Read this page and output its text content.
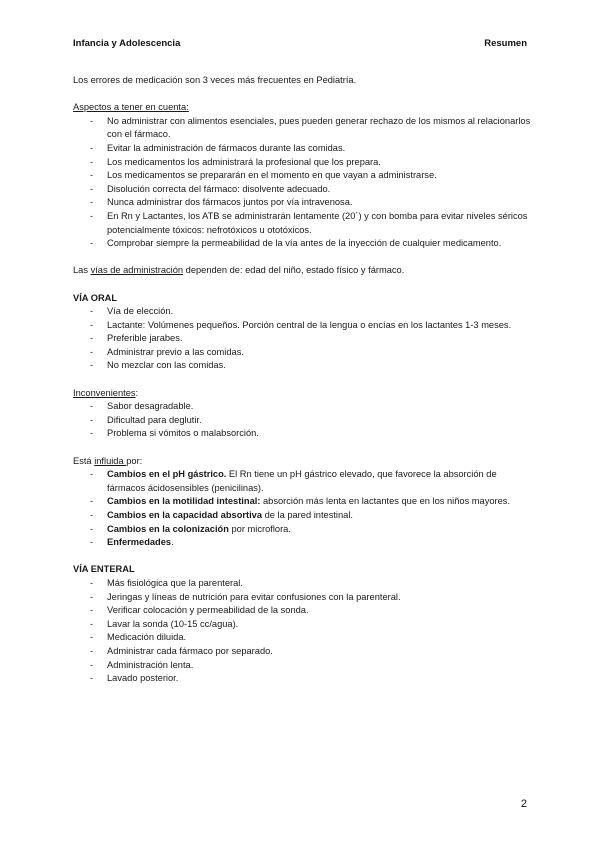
Infancia y Adolescencia	Resumen

Los errores de medicación son 3 veces más frecuentes en Pediatría.

Aspectos a tener en cuenta:

- No administrar con alimentos esenciales, pues pueden generar rechazo de los mismos al relacionarlos con el fármaco.
- Evitar la administración de fármacos durante las comidas.
- Los medicamentos los administrará la profesional que los prepara.
- Los medicamentos se prepararán en el momento en que vayan a administrarse.
- Disolución correcta del fármaco: disolvente adecuado.
- Nunca administrar dos fármacos juntos por vía intravenosa.
- En Rn y Lactantes, los ATB se administrarán lentamente (20´) y con bomba para evitar niveles séricos potencialmente tóxicos: nefrotóxicos u ototóxicos.
- Comprobar siempre la permeabilidad de la vía antes de la inyección de cualquier medicamento.

Las vías de administración dependen de: edad del niño, estado físico y fármaco.

VÍA ORAL

- Vía de elección.
- Lactante: Volúmenes pequeños. Porción central de la lengua o encías en los lactantes 1-3 meses.
- Preferible jarabes.
- Administrar previo a las comidas.
- No mezclar con las comidas.

Inconvenientes:

- Sabor desagradable.
- Dificultad para deglutir.
- Problema si vómitos o malabsorción.

Está influida por:

- Cambios en el pH gástrico. El Rn tiene un pH gástrico elevado, que favorece la absorción de fármacos ácidosensibles (penicilinas).
- Cambios en la motilidad intestinal: absorción más lenta en lactantes que en los niños mayores.
- Cambios en la capacidad absortiva de la pared intestinal.
- Cambios en la colonización por microflora.
- Enfermedades.

VÍA ENTERAL

- Más fisiológica que la parenteral.
- Jeringas y líneas de nutrición para evitar confusiones con la parenteral.
- Verificar colocación y permeabilidad de la sonda.
- Lavar la sonda (10-15 cc/agua).
- Medicación diluida.
- Administrar cada fármaco por separado.
- Administración lenta.
- Lavado posterior.
2
